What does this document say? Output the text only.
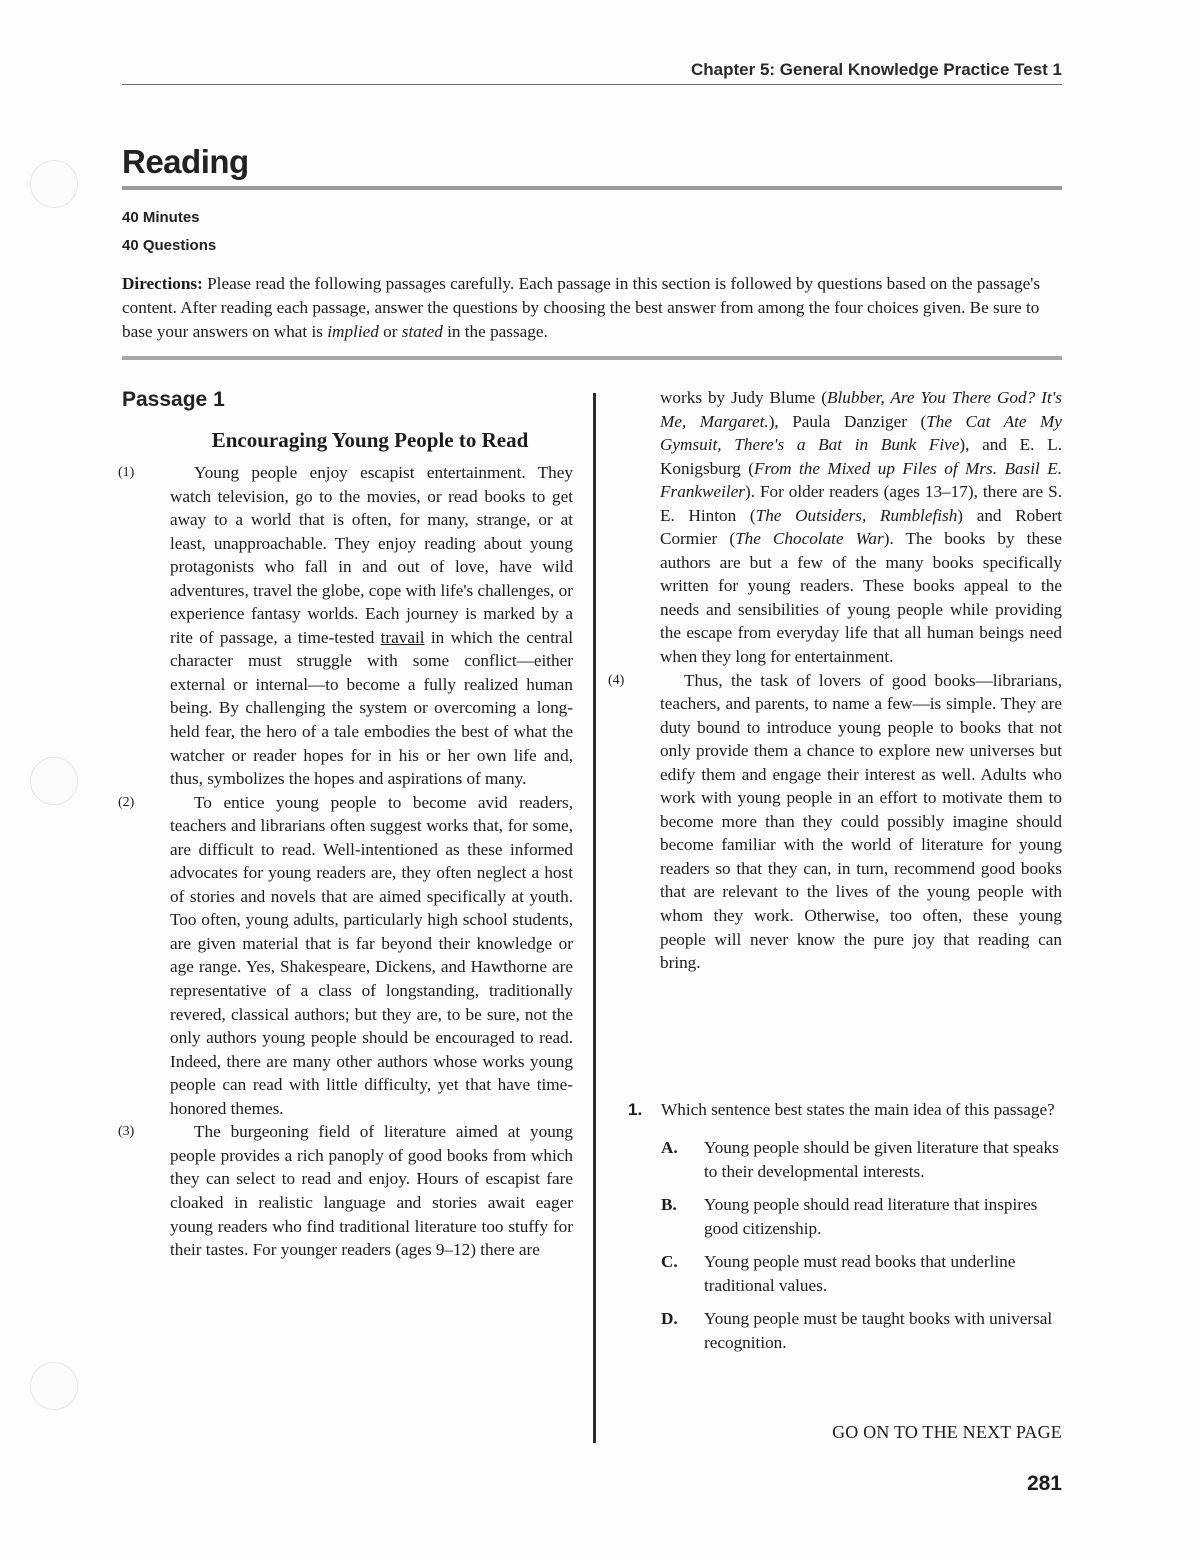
Chapter 5: General Knowledge Practice Test 1
Reading
40 Minutes
40 Questions
Directions: Please read the following passages carefully. Each passage in this section is followed by questions based on the passage's content. After reading each passage, answer the questions by choosing the best answer from among the four choices given. Be sure to base your answers on what is implied or stated in the passage.
Passage 1
Encouraging Young People to Read

(1)	Young people enjoy escapist entertainment. They watch television, go to the movies, or read books to get away to a world that is often, for many, strange, or at least, unapproachable. They enjoy reading about young protagonists who fall in and out of love, have wild adventures, travel the globe, cope with life's challenges, or experience fantasy worlds. Each journey is marked by a rite of passage, a time-tested travail in which the central character must struggle with some conflict—either external or internal—to become a fully realized human being. By challenging the system or overcoming a long-held fear, the hero of a tale embodies the best of what the watcher or reader hopes for in his or her own life and, thus, symbolizes the hopes and aspirations of many.

(2)	To entice young people to become avid readers, teachers and librarians often suggest works that, for some, are difficult to read. Well-intentioned as these informed advocates for young readers are, they often neglect a host of stories and novels that are aimed specifically at youth. Too often, young adults, particularly high school students, are given material that is far beyond their knowledge or age range. Yes, Shakespeare, Dickens, and Hawthorne are representative of a class of longstanding, traditionally revered, classical authors; but they are, to be sure, not the only authors young people should be encouraged to read. Indeed, there are many other authors whose works young people can read with little difficulty, yet that have time-honored themes.

(3)	The burgeoning field of literature aimed at young people provides a rich panoply of good books from which they can select to read and enjoy. Hours of escapist fare cloaked in realistic language and stories await eager young readers who find traditional literature too stuffy for their tastes. For younger readers (ages 9–12) there are

works by Judy Blume (Blubber, Are You There God? It's Me, Margaret.), Paula Danziger (The Cat Ate My Gymsuit, There's a Bat in Bunk Five), and E. L. Konigsburg (From the Mixed up Files of Mrs. Basil E. Frankweiler). For older readers (ages 13–17), there are S. E. Hinton (The Outsiders, Rumblefish) and Robert Cormier (The Chocolate War). The books by these authors are but a few of the many books specifically written for young readers. These books appeal to the needs and sensibilities of young people while providing the escape from everyday life that all human beings need when they long for entertainment.

(4)	Thus, the task of lovers of good books—librarians, teachers, and parents, to name a few—is simple. They are duty bound to introduce young people to books that not only provide them a chance to explore new universes but edify them and engage their interest as well. Adults who work with young people in an effort to motivate them to become more than they could possibly imagine should become familiar with the world of literature for young readers so that they can, in turn, recommend good books that are relevant to the lives of the young people with whom they work. Otherwise, too often, these young people will never know the pure joy that reading can bring.

1. Which sentence best states the main idea of this passage?
A. Young people should be given literature that speaks to their developmental interests.
B. Young people should read literature that inspires good citizenship.
C. Young people must read books that underline traditional values.
D. Young people must be taught books with universal recognition.
GO ON TO THE NEXT PAGE
281
